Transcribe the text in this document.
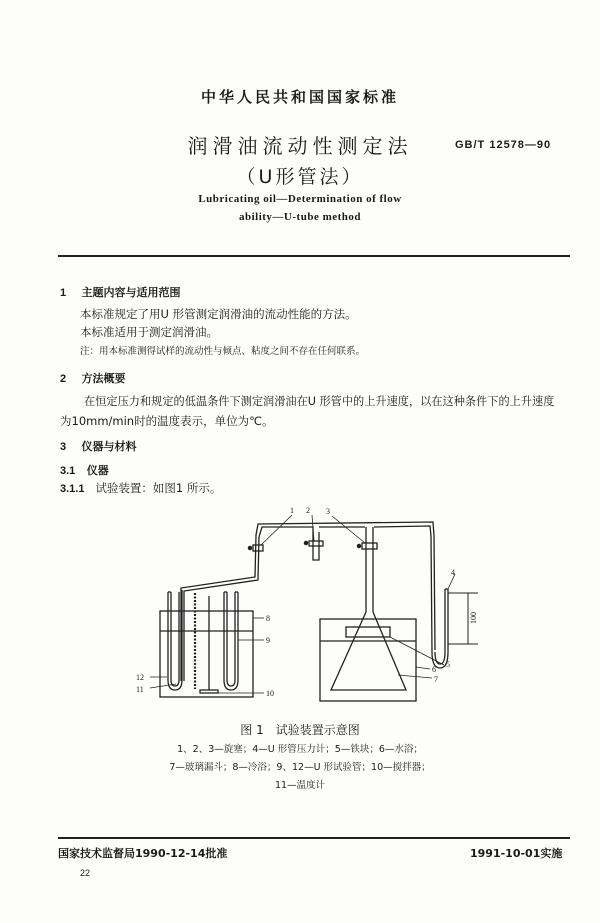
中华人民共和国国家标准
GB/T 12578—90
润滑油流动性测定法
（U形管法）
Lubricating oil—Determination of flow
ability—U-tube method
1 主题内容与适用范围
本标准规定了用U 形管测定润滑油的流动性能的方法。
本标准适用于测定润滑油。
注：用本标准测得试样的流动性与倾点、粘度之间不存在任何联系。
2 方法概要
在恒定压力和规定的低温条件下测定润滑油在U 形管中的上升速度，以在这种条件下的上升速度
为10mm/min时的温度表示，单位为℃。
3 仪器与材料
3.1 仪器
3.1.1 试验装置：如图1 所示。
100
1 2 3
4
5
6
7
8
9
10
11
12
图 1　试验装置示意图
1、2、3—旋塞；4—U 形管压力计；5—铁块；6—水浴；
7—玻璃漏斗；8—冷浴；9、12—U 形试验管；10—搅拌器；
11—温度计
国家技术监督局1990-12-14批准	1991-10-01实施
22
